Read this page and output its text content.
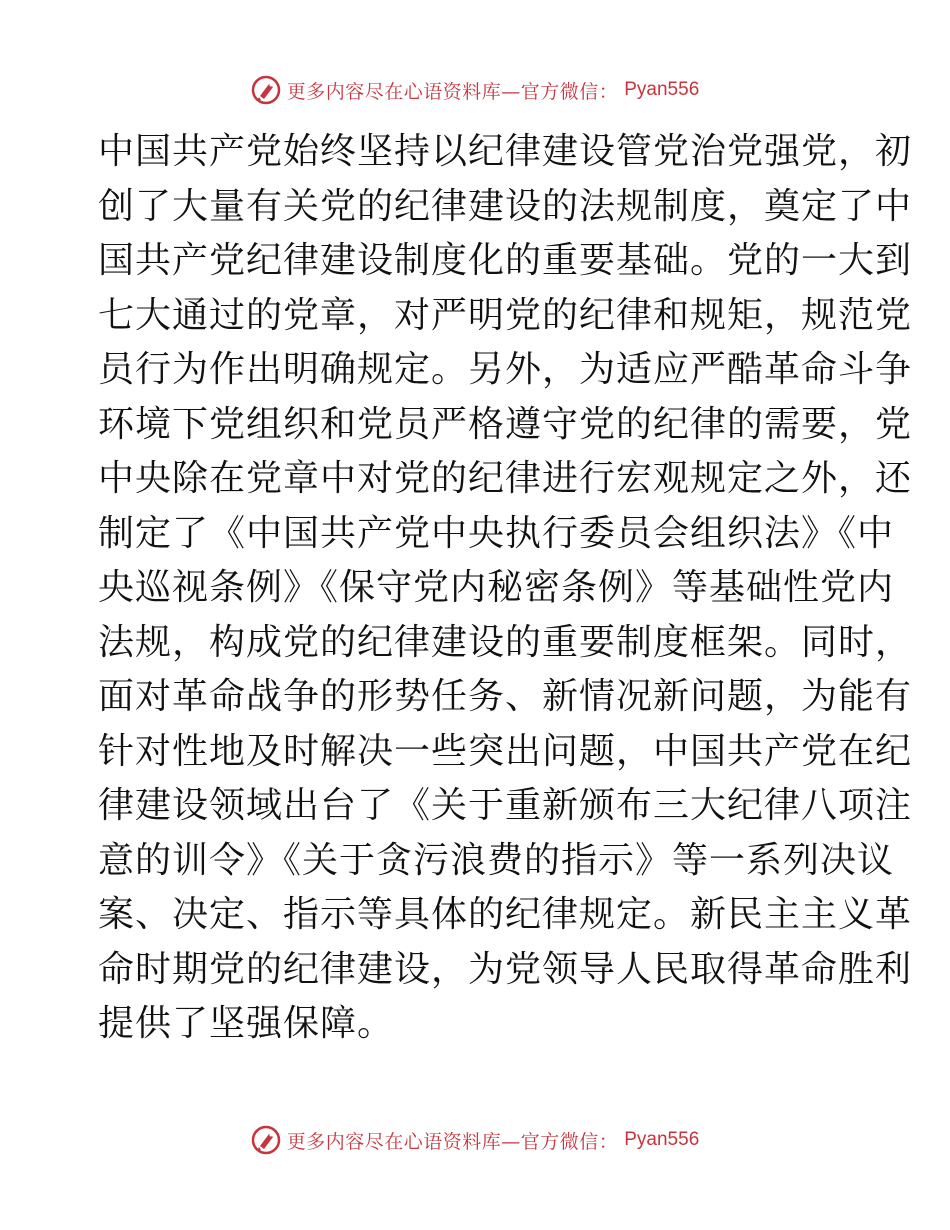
更多内容尽在心语资料库—官方微信： Pyan556
中国共产党始终坚持以纪律建设管党治党强党，初
创了大量有关党的纪律建设的法规制度，奠定了中
国共产党纪律建设制度化的重要基础。党的一大到
七大通过的党章，对严明党的纪律和规矩，规范党
员行为作出明确规定。另外，为适应严酷革命斗争
环境下党组织和党员严格遵守党的纪律的需要，党
中央除在党章中对党的纪律进行宏观规定之外，还
制定了《中国共产党中央执行委员会组织法》《中
央巡视条例》《保守党内秘密条例》等基础性党内
法规，构成党的纪律建设的重要制度框架。同时，
面对革命战争的形势任务、新情况新问题，为能有
针对性地及时解决一些突出问题，中国共产党在纪
律建设领域出台了《关于重新颁布三大纪律八项注
意的训令》《关于贪污浪费的指示》等一系列决议
案、决定、指示等具体的纪律规定。新民主主义革
命时期党的纪律建设，为党领导人民取得革命胜利
提供了坚强保障。
更多内容尽在心语资料库—官方微信： Pyan556
